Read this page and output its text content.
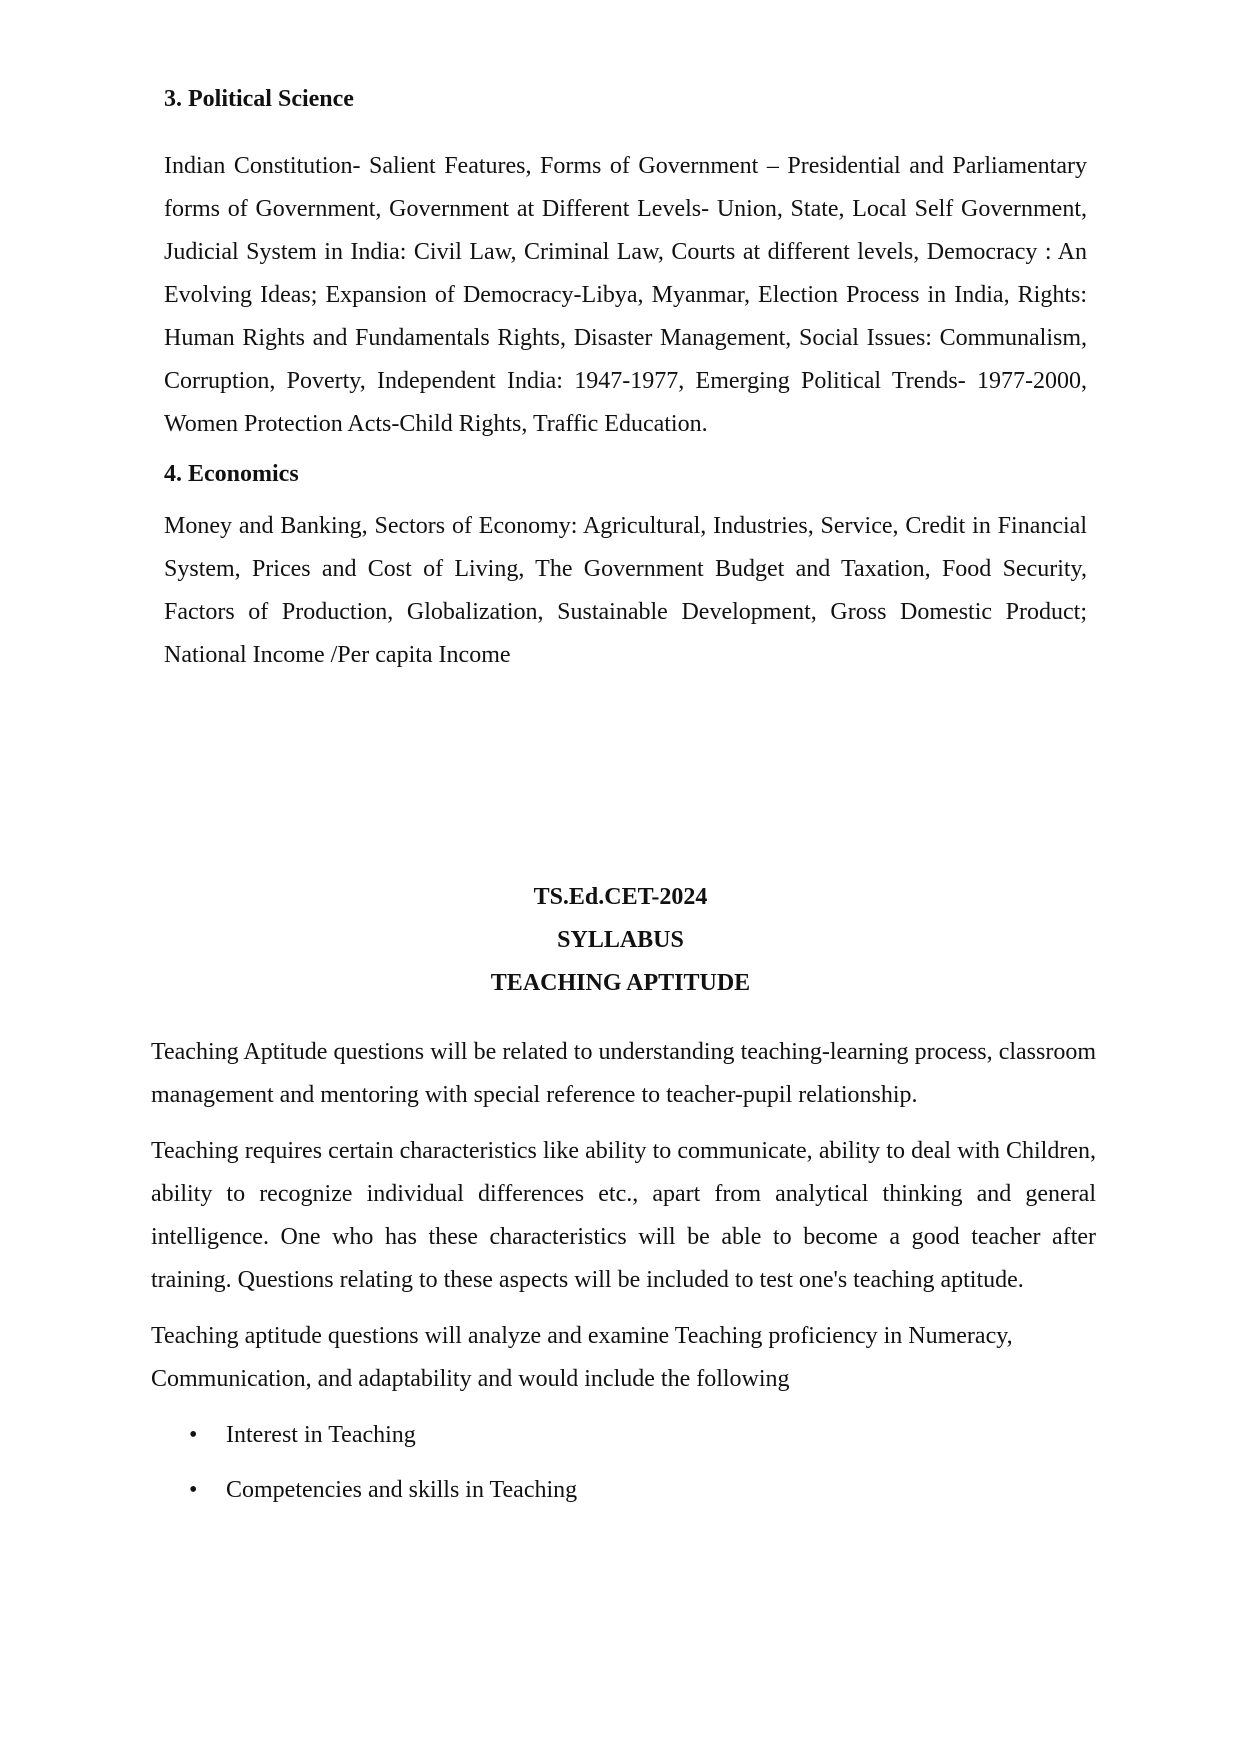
3. Political Science

Indian Constitution- Salient Features, Forms of Government – Presidential and Parliamentary forms of Government, Government at Different Levels- Union, State, Local Self Government, Judicial System in India: Civil Law, Criminal Law, Courts at different levels, Democracy : An Evolving Ideas; Expansion of Democracy-Libya, Myanmar, Election Process in India, Rights: Human Rights and Fundamentals Rights, Disaster Management, Social Issues: Communalism, Corruption, Poverty, Independent India: 1947-1977, Emerging Political Trends- 1977-2000, Women Protection Acts-Child Rights, Traffic Education.

4. Economics

Money and Banking, Sectors of Economy: Agricultural, Industries, Service, Credit in Financial System, Prices and Cost of Living, The Government Budget and Taxation, Food Security, Factors of Production, Globalization, Sustainable Development, Gross Domestic Product; National Income /Per capita Income

TS.Ed.CET-2024

SYLLABUS

TEACHING APTITUDE

Teaching Aptitude questions will be related to understanding teaching-learning process, classroom management and mentoring with special reference to teacher-pupil relationship.

Teaching requires certain characteristics like ability to communicate, ability to deal with Children, ability to recognize individual differences etc., apart from analytical thinking and general intelligence. One who has these characteristics will be able to become a good teacher after training. Questions relating to these aspects will be included to test one's teaching aptitude.

Teaching aptitude questions will analyze and examine Teaching proficiency in Numeracy, Communication, and adaptability and would include the following

• Interest in Teaching
• Competencies and skills in Teaching
